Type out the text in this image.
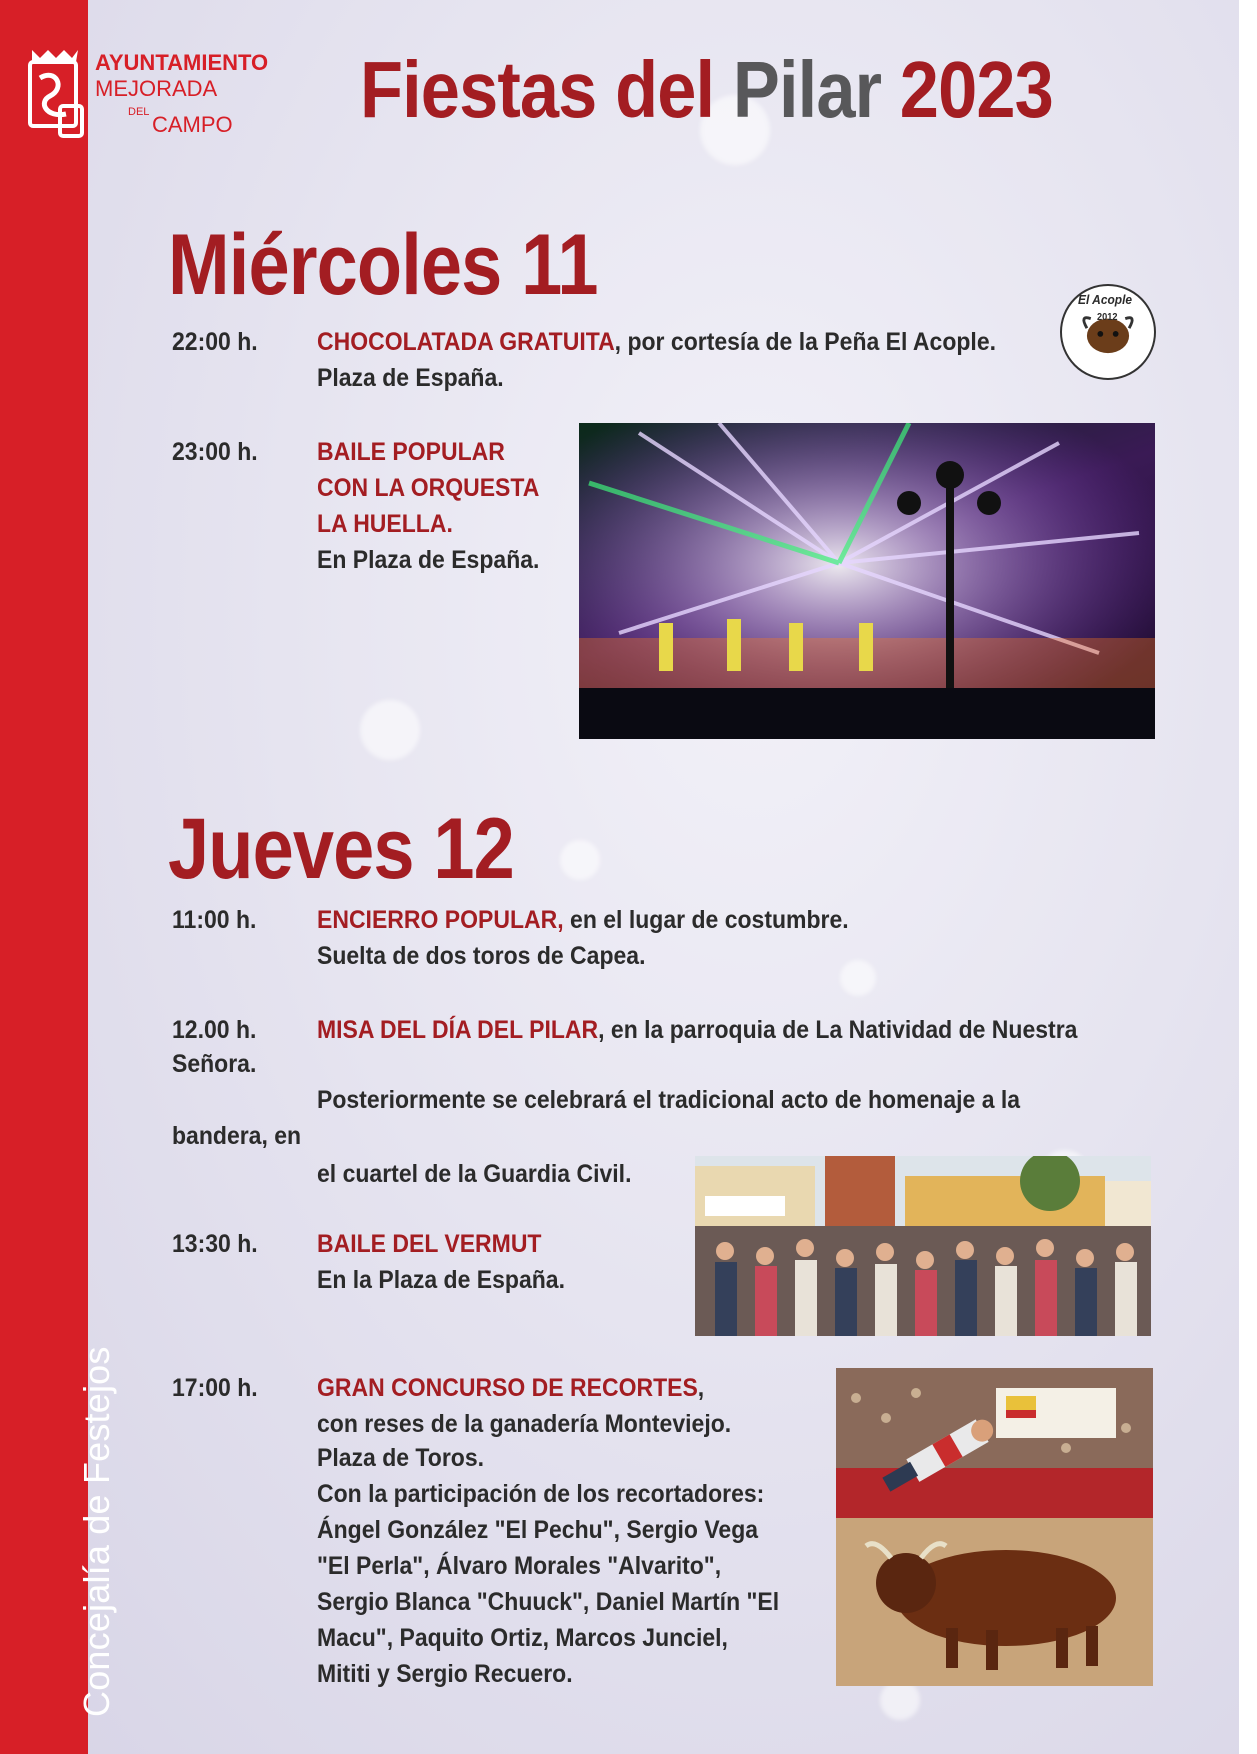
Concejalía de Festejos
AYUNTAMIENTO
MEJORADA
DEL CAMPO Fiestas del Pilar 2023
Miércoles 11
22:00 h. CHOCOLATADA GRATUITA, por cortesía de la Peña El Acople.
Plaza de España.
El Acople
2012
23:00 h. BAILE POPULAR
CON LA ORQUESTA
LA HUELLA.
En Plaza de España.
Jueves 12
11:00 h. ENCIERRO POPULAR, en el lugar de costumbre.
Suelta de dos toros de Capea.
12.00 h. MISA DEL DÍA DEL PILAR, en la parroquia de La Natividad de Nuestra
Señora.
Posteriormente se celebrará el tradicional acto de homenaje a la
bandera, en
el cuartel de la Guardia Civil.
13:30 h. BAILE DEL VERMUT
En la Plaza de España.
17:00 h. GRAN CONCURSO DE RECORTES,
con reses de la ganadería Monteviejo.
Plaza de Toros.
Con la participación de los recortadores:
Ángel González "El Pechu", Sergio Vega
"El Perla", Álvaro Morales "Alvarito",
Sergio Blanca "Chuuck", Daniel Martín "El
Macu", Paquito Ortiz, Marcos Junciel,
Mititi y Sergio Recuero.
